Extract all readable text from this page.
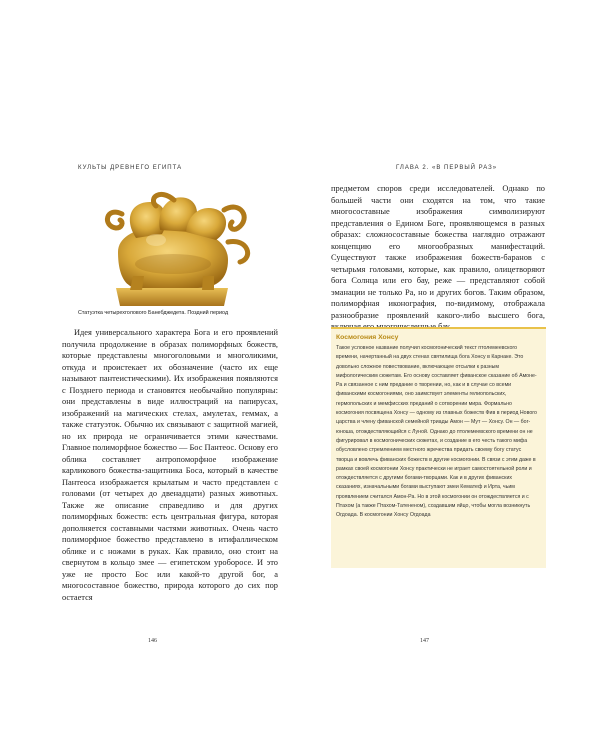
КУЛЬТЫ ДРЕВНЕГО ЕГИПТА
Статуэтка четырехголового Банебджедета. Поздний период
Идея универсального характера Бога и его проявлений получила продолжение в образах полиморфных божеств, которые представлены многоголовыми и многоликими, откуда и проистекает их обозначение (часто их еще называют пантеистическими). Их изображения появляются с Позднего периода и становятся необычайно популярны: они представлены в виде иллюстраций на папирусах, изображений на магических стелах, амулетах, геммах, а также статуэток. Обычно их связывают с защитной магией, но их природа не ограничивается этими качествами. Главное полиморфное божество — Бос Пантеос. Основу его облика составляет антропоморфное изображение карликового божества-защитника Боса, который в качестве Пантеоса изображается крылатым и часто представлен с головами (от четырех до двенадцати) разных животных. Также же описание справедливо и для других полиморфных божеств: есть центральная фигура, которая дополняется составными частями животных. Очень часто полиморфное божество представлено в итифаллическом облике и с ножами в руках. Как правило, оно стоит на свернутом в кольцо змее — египетском уроборосе. И это уже не просто Бос или какой-то другой бог, а многосоставное божество, природа которого до сих пор остается
146
ГЛАВА 2. «В ПЕРВЫЙ РАЗ»
предметом споров среди исследователей. Однако по большей части они сходятся на том, что такие многосоставные изображения символизируют представления о Едином Боге, проявляющемся в разных образах: сложносоставные божества наглядно отражают концепцию его многообразных манифестаций. Существуют также изображения божеств-баранов с четырьмя головами, которые, как правило, олицетворяют бога Солнца или его бау, реже — представляют собой эманации не только Ра, но и других богов. Таким образом, полиморфная иконография, по-видимому, отображала разнообразие проявлений какого-либо высшего бога,
Космогония Хонсу
Такое условное название получил космогонический текст птолемеевского времени, начертанный на двух стенах святилища бога Хонсу в Карнаке. Это довольно сложное повествование, включающее отсылки к разным мифологическим сюжетам. Его основу составляет фиванское сказание об Амоне-Ра и связанное с ним предание о творении, но, как и в случае со всеми фиванскими космогониями, оно заимствует элементы гелиопольских, гермопольских и мемфисских преданий о сотворении мира. Формально космогония посвящена Хонсу — одному из главных божеств Фив в период Нового царства и члену фиванской семейной триады Амон — Мут — Хонсу. Он — бог-юноша, отождествляющийся с Луной. Однако до птолемеевского времени он не фигурировал в космогонических сюжетах, и создание в его честь такого мифа обусловлено стремлением местного жречества придать своему богу статус творца и вовлечь фиванских божеств в другие космогонии. В связи с этим даже в рамках своей космогонии Хонсу практически не играет самостоятельной роли и отождествляется с другими богами-творцами. Как и в других фиванских сказаниях, изначальными богами выступают змеи Кематеф и Ирта, чьим проявлением считался Амон-Ра. Но в этой космогонии он отождествляется и с Птахом (а также Птахом-Татененом), создавшим яйцо, чтобы могла возникнуть Огдоада. В космогонии Хонсу Огдоада
147
